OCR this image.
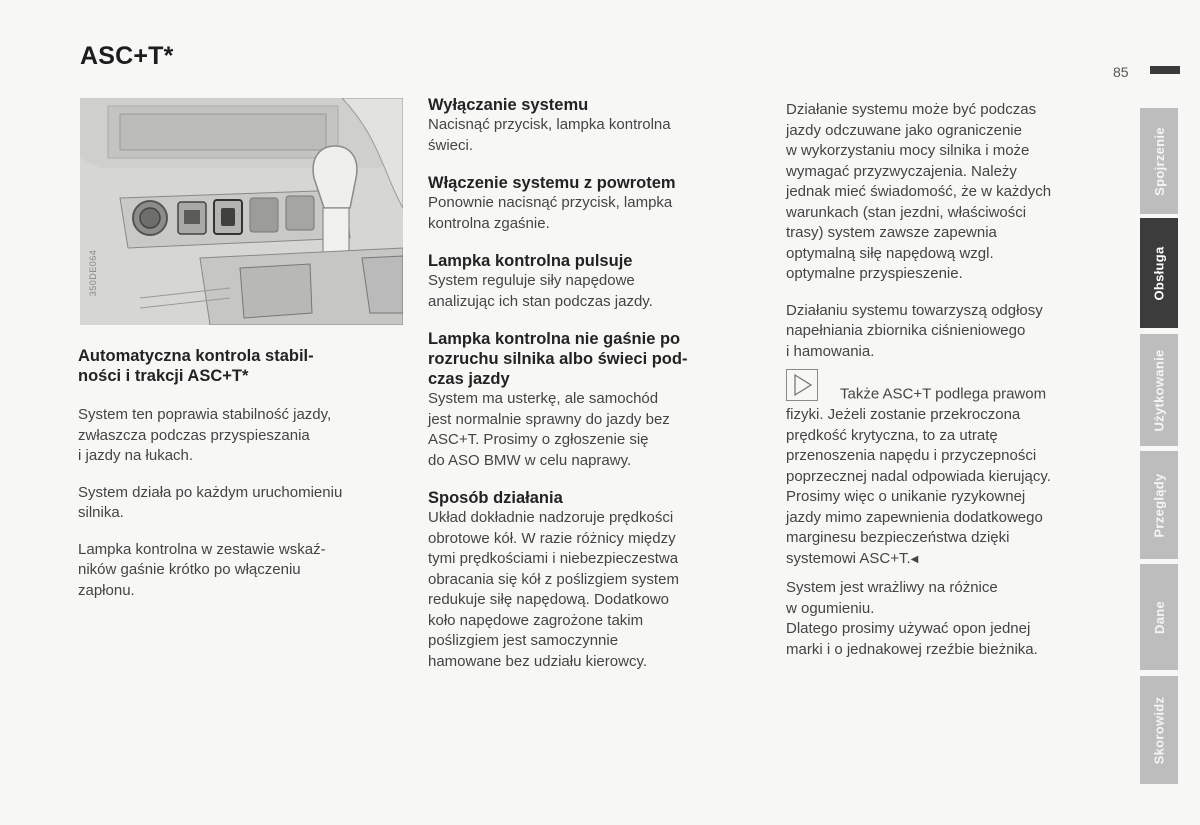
ASC+T*
85
350DE064
Automatyczna kontrola stabil-
ności i trakcji ASC+T*

System ten poprawia stabilność jazdy,
zwłaszcza podczas przyspieszania
i jazdy na łukach.

System działa po każdym uruchomieniu
silnika.

Lampka kontrolna w zestawie wskaź-
ników gaśnie krótko po włączeniu
zapłonu.

Wyłączanie systemu

Nacisnąć przycisk, lampka kontrolna
świeci.

Włączenie systemu z powrotem

Ponownie nacisnąć przycisk, lampka
kontrolna zgaśnie.

Lampka kontrolna pulsuje

System reguluje siły napędowe
analizując ich stan podczas jazdy.

Lampka kontrolna nie gaśnie po
rozruchu silnika albo świeci pod-
czas jazdy

System ma usterkę, ale samochód
jest normalnie sprawny do jazdy bez
ASC+T. Prosimy o zgłoszenie się
do ASO BMW w celu naprawy.

Sposób działania

Układ dokładnie nadzoruje prędkości
obrotowe kół. W razie różnicy między
tymi prędkościami i niebezpieczestwa
obracania się kół z poślizgiem system
redukuje siłę napędową. Dodatkowo
koło napędowe zagrożone takim
poślizgiem jest samoczynnie
hamowane bez udziału kierowcy.

Działanie systemu może być podczas
jazdy odczuwane jako ograniczenie
w wykorzystaniu mocy silnika i może
wymagać przyzwyczajenia. Należy
jednak mieć świadomość, że w każdych
warunkach (stan jezdni, właściwości
trasy) system zawsze zapewnia
optymalną siłę napędową wzgl.
optymalne przyspieszenie.

Działaniu systemu towarzyszą odgłosy
napełniania zbiornika ciśnieniowego
i hamowania.

Także ASC+T podlega prawom

fizyki. Jeżeli zostanie przekroczona
prędkość krytyczna, to za utratę
przenoszenia napędu i przyczepności
poprzecznej nadal odpowiada kierujący.
Prosimy więc o unikanie ryzykownej
jazdy mimo zapewnienia dodatkowego
marginesu bezpieczeństwa dzięki
systemowi ASC+T.◀

System jest wrażliwy na różnice
w ogumieniu.
Dlatego prosimy używać opon jednej
marki i o jednakowej rzeźbie bieżnika.

Spojrzenie
Obsługa
Użytkowanie
Przeglądy
Dane
Skorowidz
